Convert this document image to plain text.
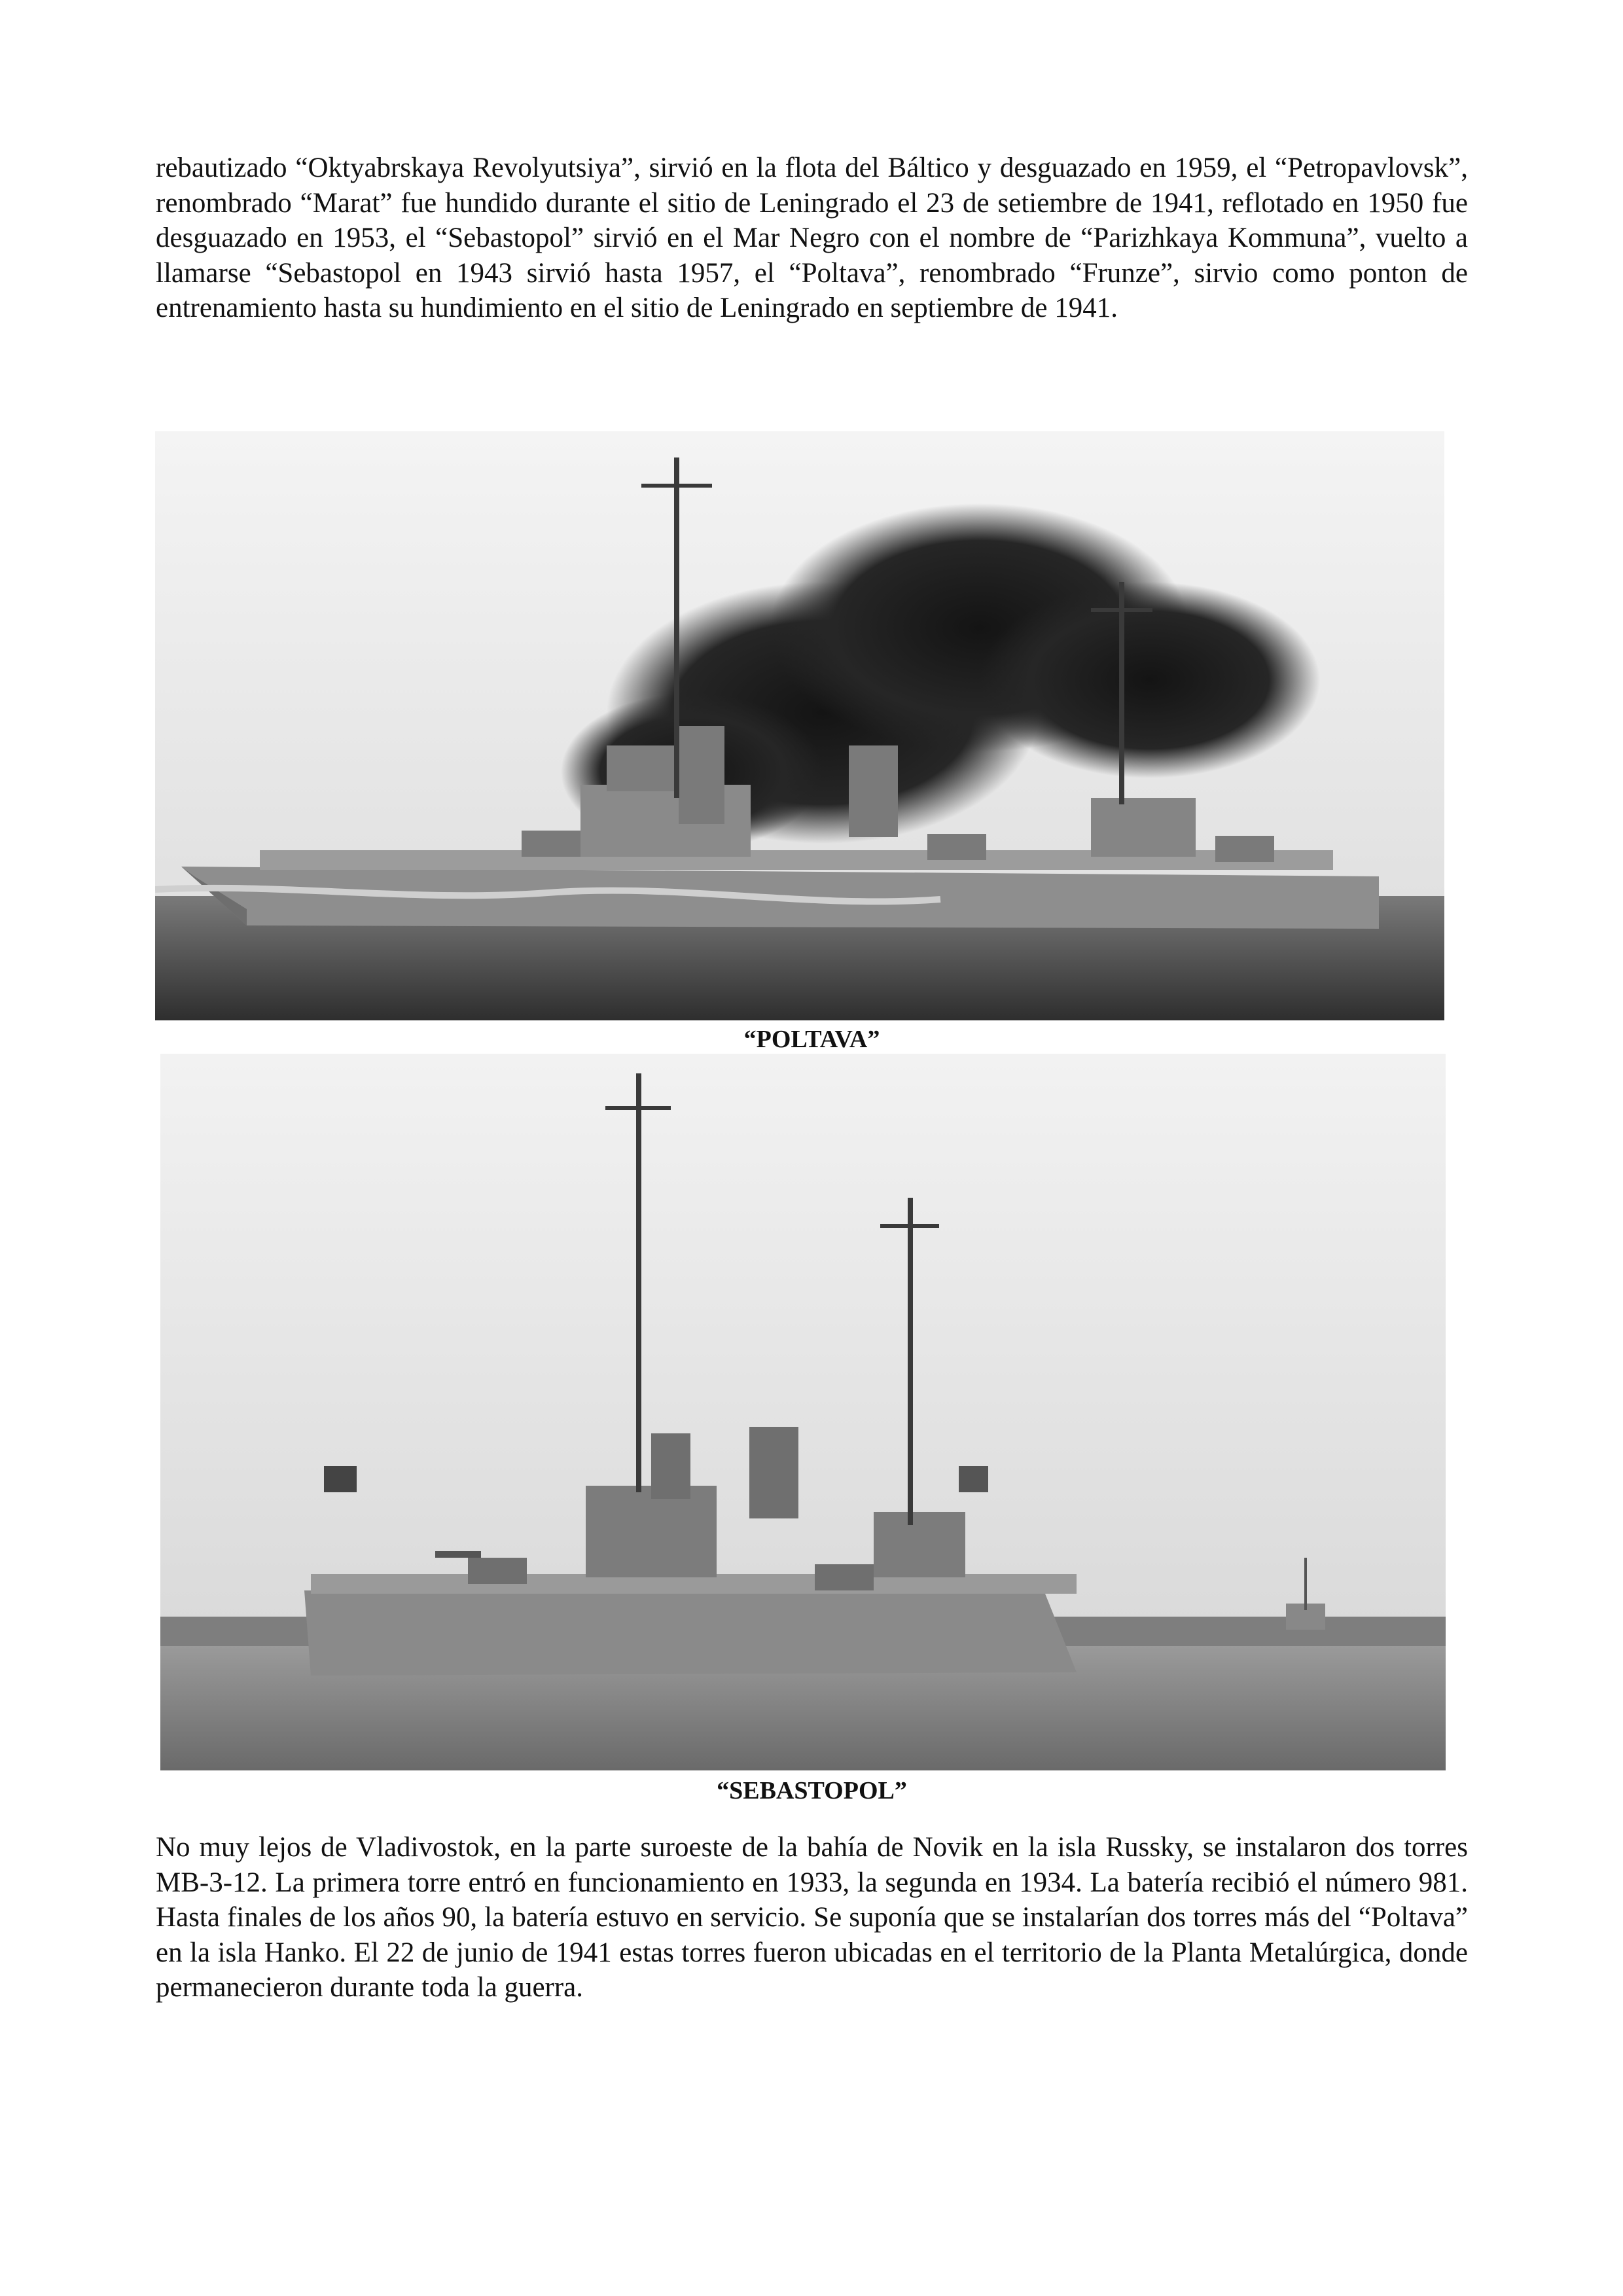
rebautizado “Oktyabrskaya Revolyutsiya”, sirvió en la flota del Báltico y desguazado en 1959, el “Petropavlovsk”, renombrado “Marat” fue hundido durante el sitio de Leningrado el 23 de setiembre de 1941, reflotado en 1950 fue desguazado en 1953, el “Sebastopol” sirvió en el Mar Negro con el nombre de “Parizhkaya Kommuna”, vuelto a llamarse “Sebastopol en 1943 sirvió hasta 1957, el “Poltava”, renombrado “Frunze”, sirvio como ponton de entrenamiento hasta su hundimiento en el sitio de Leningrado en septiembre de 1941.

“POLTAVA”

“SEBASTOPOL”

No muy lejos de Vladivostok, en la parte suroeste de la bahía de Novik en la isla Russky, se instalaron dos torres MB-3-12. La primera torre entró en funcionamiento en 1933, la segunda en 1934. La batería recibió el número 981. Hasta finales de los años 90, la batería estuvo en servicio. Se suponía que se instalarían dos torres más del “Poltava” en la isla Hanko. El 22 de junio de 1941 estas torres fueron ubicadas en el territorio de la Planta Metalúrgica, donde permanecieron durante toda la guerra.
